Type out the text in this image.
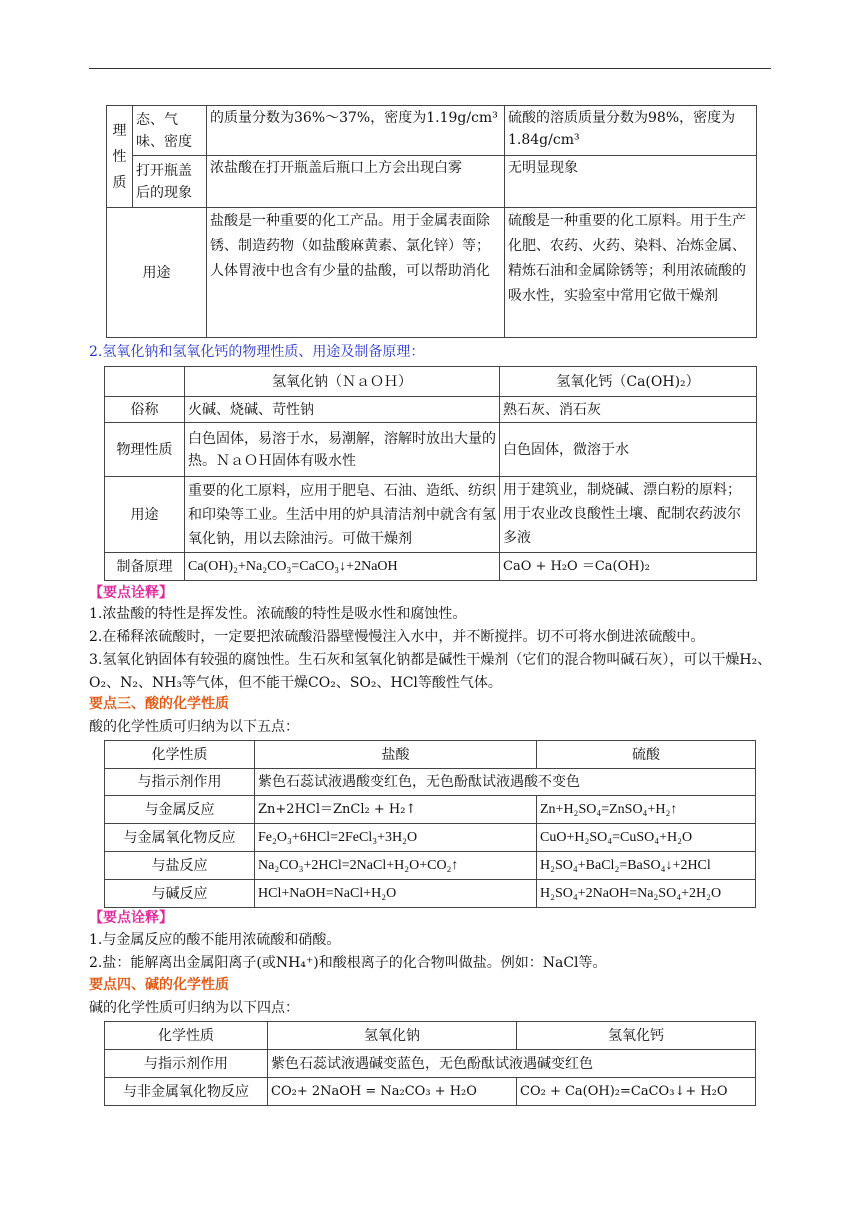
理
性
质	态、气味、密度	的质量分数为36%～37%，密度为1.19g/cm³	硫酸的溶质质量分数为98%，密度为1.84g/cm³
	打开瓶盖后的现象	浓盐酸在打开瓶盖后瓶口上方会出现白雾	无明显现象
用途		盐酸是一种重要的化工产品。用于金属表面除锈、制造药物（如盐酸麻黄素、氯化锌）等；人体胃液中也含有少量的盐酸，可以帮助消化	硫酸是一种重要的化工原料。用于生产化肥、农药、火药、染料、冶炼金属、精炼石油和金属除锈等；利用浓硫酸的吸水性，实验室中常用它做干燥剂
2.氢氧化钠和氢氧化钙的物理性质、用途及制备原理：
	氢氧化钠（ＮａＯＨ）	氢氧化钙（Ca(OH)₂）
俗称	火碱、烧碱、苛性钠	熟石灰、消石灰
物理性质	白色固体，易溶于水，易潮解，溶解时放出大量的热。ＮａＯＨ固体有吸水性	白色固体，微溶于水
用途	重要的化工原料，应用于肥皂、石油、造纸、纺织和印染等工业。生活中用的炉具清洁剂中就含有氢氧化钠，用以去除油污。可做干燥剂	用于建筑业，制烧碱、漂白粉的原料；用于农业改良酸性土壤、配制农药波尔多液
制备原理	Ca(OH)₂+Na₂CO₃=CaCO₃↓+2NaOH	CaO + H₂O ＝Ca(OH)₂
【要点诠释】
1.浓盐酸的特性是挥发性。浓硫酸的特性是吸水性和腐蚀性。
2.在稀释浓硫酸时，一定要把浓硫酸沿器壁慢慢注入水中，并不断搅拌。切不可将水倒进浓硫酸中。
3.氢氧化钠固体有较强的腐蚀性。生石灰和氢氧化钠都是碱性干燥剂（它们的混合物叫碱石灰），可以干燥H₂、O₂、N₂、NH₃等气体，但不能干燥CO₂、SO₂、HCl等酸性气体。
要点三、酸的化学性质
酸的化学性质可归纳为以下五点：
化学性质	盐酸	硫酸
与指示剂作用	紫色石蕊试液遇酸变红色，无色酚酞试液遇酸不变色	
与金属反应	Zn+2HCl＝ZnCl₂ + H₂↑	Zn+H₂SO₄=ZnSO₄+H₂↑
与金属氧化物反应	Fe₂O₃+6HCl=2FeCl₃+3H₂O	CuO+H₂SO₄=CuSO₄+H₂O
与盐反应	Na₂CO₃+2HCl=2NaCl+H₂O+CO₂↑	H₂SO₄+BaCl₂=BaSO₄↓+2HCl
与碱反应	HCl+NaOH=NaCl+H₂O	H₂SO₄+2NaOH=Na₂SO₄+2H₂O
【要点诠释】
1.与金属反应的酸不能用浓硫酸和硝酸。
2.盐：能解离出金属阳离子(或NH₄⁺)和酸根离子的化合物叫做盐。例如：NaCl等。
要点四、碱的化学性质
碱的化学性质可归纳为以下四点：
化学性质	氢氧化钠	氢氧化钙
与指示剂作用	紫色石蕊试液遇碱变蓝色，无色酚酞试液遇碱变红色	
与非金属氧化物反应	CO₂+ 2NaOH = Na₂CO₃ + H₂O	CO₂ + Ca(OH)₂=CaCO₃↓+ H₂O
